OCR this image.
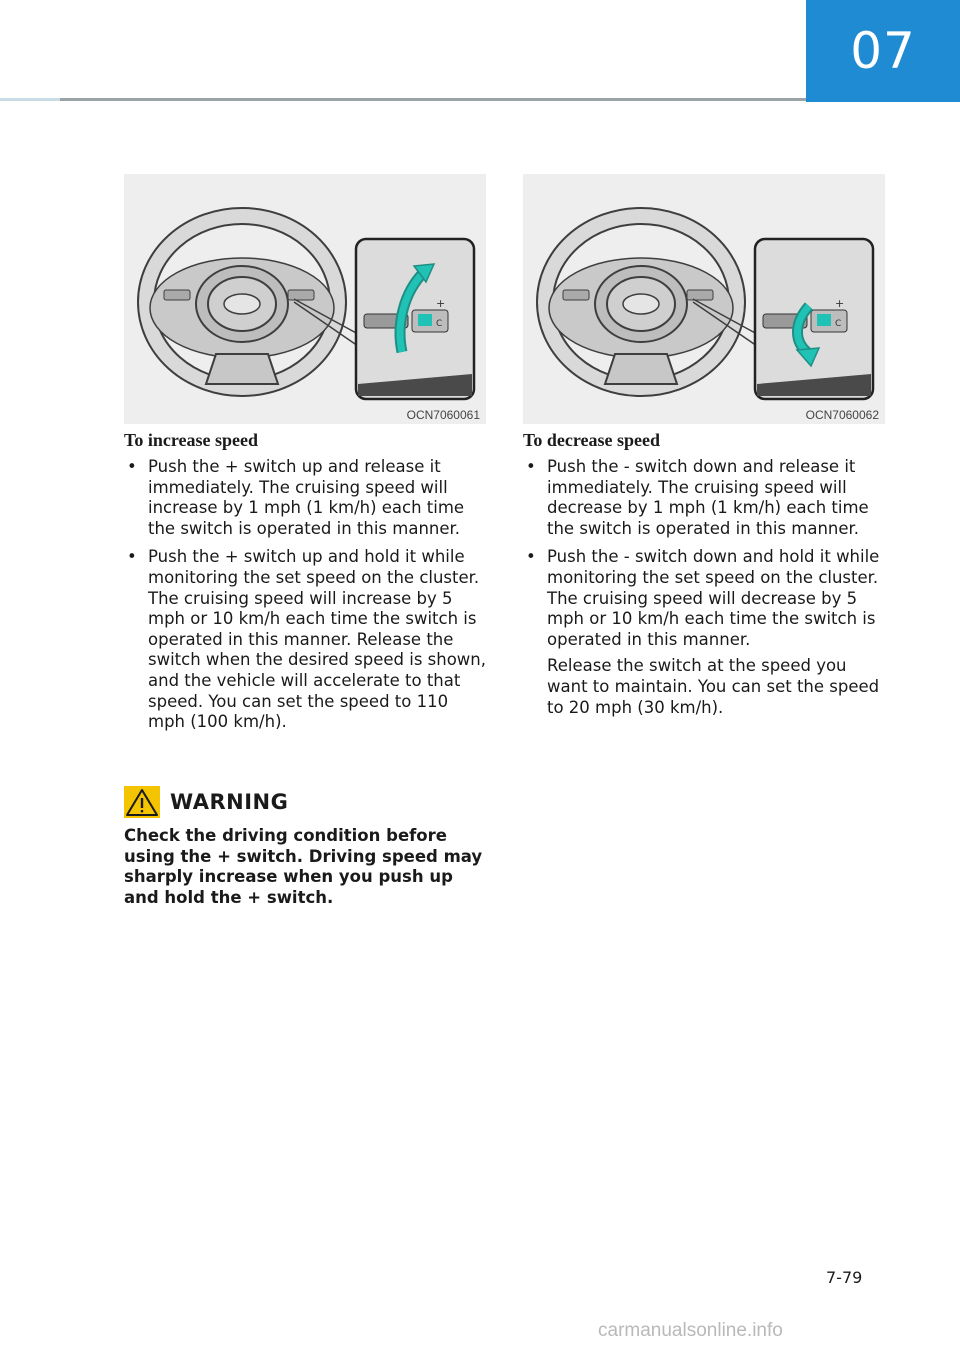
07
+
C
OCN7060061
+
C
OCN7060062

To increase speed

• Push the + switch up and release it immediately. The cruising speed will increase by 1 mph (1 km/h) each time the switch is operated in this manner.
• Push the + switch up and hold it while monitoring the set speed on the cluster. The cruising speed will increase by 5 mph or 10 km/h each time the switch is operated in this manner. Release the switch when the desired speed is shown, and the vehicle will accelerate to that speed. You can set the speed to 110 mph (100 km/h).

To decrease speed

• Push the - switch down and release it immediately. The cruising speed will decrease by 1 mph (1 km/h) each time the switch is operated in this manner.
• Push the - switch down and hold it while monitoring the set speed on the cluster. The cruising speed will decrease by 5 mph or 10 km/h each time the switch is operated in this manner.

Release the switch at the speed you want to maintain. You can set the speed to 20 mph (30 km/h).

WARNING

Check the driving condition before using the + switch. Driving speed may sharply increase when you push up and hold the + switch.

7-79
carmanualsonline.info
